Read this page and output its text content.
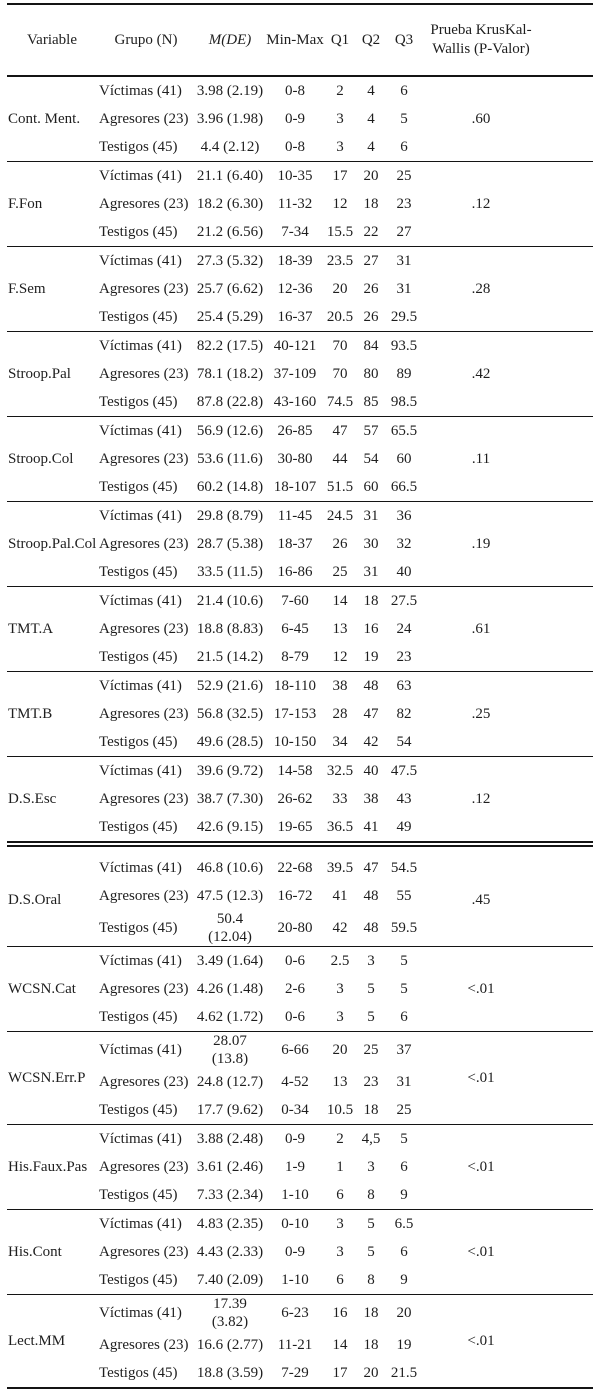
Variable	Grupo (N)	M(DE)	Min-Max	Q1	Q2	Q3	Prueba KrusKal-Wallis (P-Valor)	
Cont. Ment.	Víctimas (41)	3.98 (2.19)	0-8	2	4	6	.60	
	Agresores (23)	3.96 (1.98)	0-9	3	4	5		
	Testigos (45)	4.4 (2.12)	0-8	3	4	6		
F.Fon	Víctimas (41)	21.1 (6.40)	10-35	17	20	25	.12	
	Agresores (23)	18.2 (6.30)	11-32	12	18	23		
	Testigos (45)	21.2 (6.56)	7-34	15.5	22	27		
F.Sem	Víctimas (41)	27.3 (5.32)	18-39	23.5	27	31	.28	
	Agresores (23)	25.7 (6.62)	12-36	20	26	31		
	Testigos (45)	25.4 (5.29)	16-37	20.5	26	29.5		
Stroop.Pal	Víctimas (41)	82.2 (17.5)	40-121	70	84	93.5	.42	
	Agresores (23)	78.1 (18.2)	37-109	70	80	89		
	Testigos (45)	87.8 (22.8)	43-160	74.5	85	98.5		
Stroop.Col	Víctimas (41)	56.9 (12.6)	26-85	47	57	65.5	.11	
	Agresores (23)	53.6 (11.6)	30-80	44	54	60		
	Testigos (45)	60.2 (14.8)	18-107	51.5	60	66.5		
Stroop.Pal.Col	Víctimas (41)	29.8 (8.79)	11-45	24.5	31	36	.19	
	Agresores (23)	28.7 (5.38)	18-37	26	30	32		
	Testigos (45)	33.5 (11.5)	16-86	25	31	40		
TMT.A	Víctimas (41)	21.4 (10.6)	7-60	14	18	27.5	.61	
	Agresores (23)	18.8 (8.83)	6-45	13	16	24		
	Testigos (45)	21.5 (14.2)	8-79	12	19	23		
TMT.B	Víctimas (41)	52.9 (21.6)	18-110	38	48	63	.25	
	Agresores (23)	56.8 (32.5)	17-153	28	47	82		
	Testigos (45)	49.6 (28.5)	10-150	34	42	54		
D.S.Esc	Víctimas (41)	39.6 (9.72)	14-58	32.5	40	47.5	.12	
	Agresores (23)	38.7 (7.30)	26-62	33	38	43		
	Testigos (45)	42.6 (9.15)	19-65	36.5	41	49		
D.S.Oral	Víctimas (41)	46.8 (10.6)	22-68	39.5	47	54.5	.45	
	Agresores (23)	47.5 (12.3)	16-72	41	48	55		
	Testigos (45)	50.4 (12.04)	20-80	42	48	59.5		
WCSN.Cat	Víctimas (41)	3.49 (1.64)	0-6	2.5	3	5	<.01	
	Agresores (23)	4.26 (1.48)	2-6	3	5	5		
	Testigos (45)	4.62 (1.72)	0-6	3	5	6		
WCSN.Err.P	Víctimas (41)	28.07 (13.8)	6-66	20	25	37	<.01	
	Agresores (23)	24.8 (12.7)	4-52	13	23	31		
	Testigos (45)	17.7 (9.62)	0-34	10.5	18	25		
His.Faux.Pas	Víctimas (41)	3.88 (2.48)	0-9	2	4,5	5	<.01	
	Agresores (23)	3.61 (2.46)	1-9	1	3	6		
	Testigos (45)	7.33 (2.34)	1-10	6	8	9		
His.Cont	Víctimas (41)	4.83 (2.35)	0-10	3	5	6.5	<.01	
	Agresores (23)	4.43 (2.33)	0-9	3	5	6		
	Testigos (45)	7.40 (2.09)	1-10	6	8	9		
Lect.MM	Víctimas (41)	17.39 (3.82)	6-23	16	18	20	<.01	
	Agresores (23)	16.6 (2.77)	11-21	14	18	19		
	Testigos (45)	18.8 (3.59)	7-29	17	20	21.5		
